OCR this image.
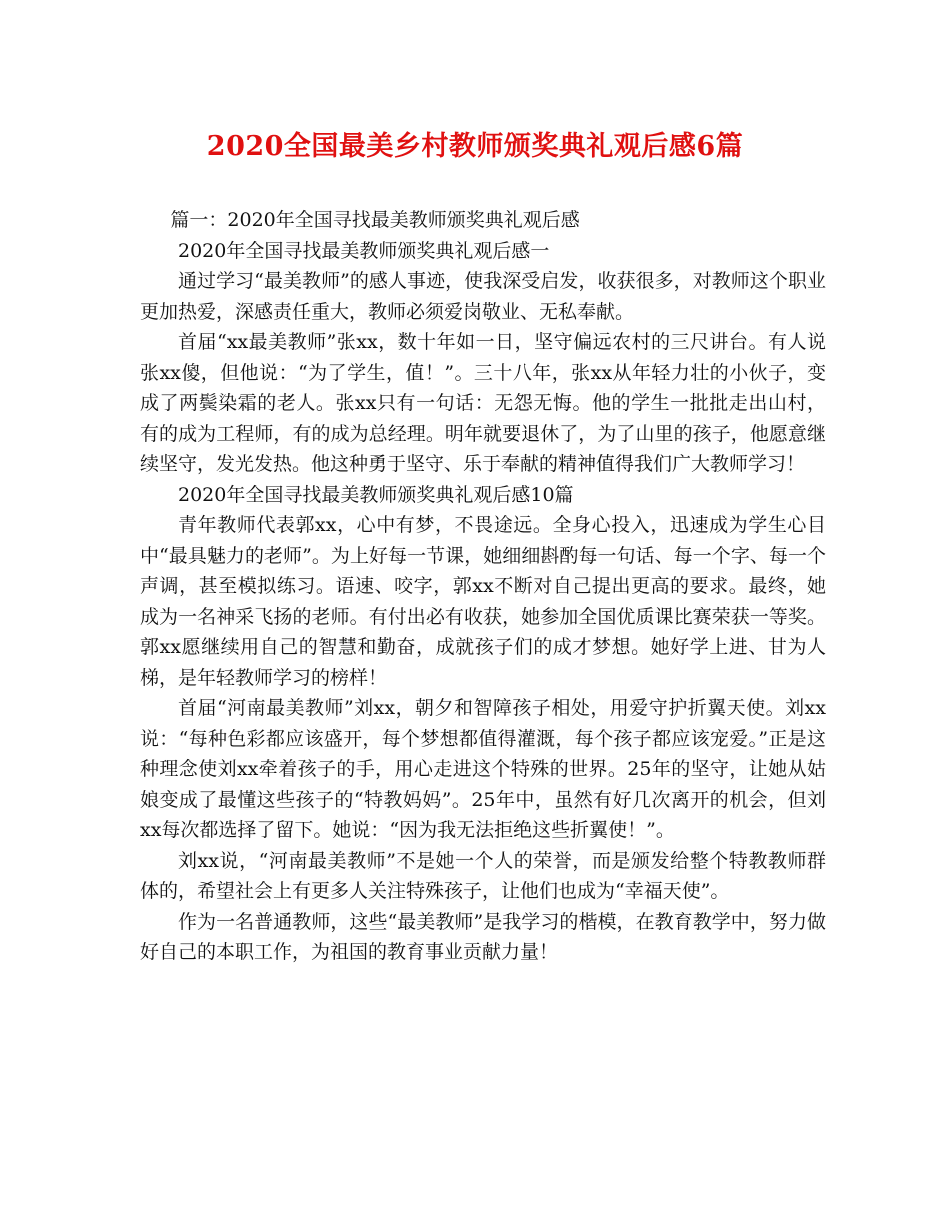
2020全国最美乡村教师颁奖典礼观后感6篇

篇一：2020年全国寻找最美教师颁奖典礼观后感

2020年全国寻找最美教师颁奖典礼观后感一

通过学习“最美教师”的感人事迹，使我深受启发，收获很多，对教师这个职业更加热爱，深感责任重大，教师必须爱岗敬业、无私奉献。

首届“xx最美教师”张xx，数十年如一日，坚守偏远农村的三尺讲台。有人说张xx傻，但他说：“为了学生，值！”。三十八年，张xx从年轻力壮的小伙子，变成了两鬓染霜的老人。张xx只有一句话：无怨无悔。他的学生一批批走出山村，有的成为工程师，有的成为总经理。明年就要退休了，为了山里的孩子，他愿意继续坚守，发光发热。他这种勇于坚守、乐于奉献的精神值得我们广大教师学习！

2020年全国寻找最美教师颁奖典礼观后感10篇

青年教师代表郭xx，心中有梦，不畏途远。全身心投入，迅速成为学生心目中“最具魅力的老师”。为上好每一节课，她细细斟酌每一句话、每一个字、每一个声调，甚至模拟练习。语速、咬字，郭xx不断对自己提出更高的要求。最终，她成为一名神采飞扬的老师。有付出必有收获，她参加全国优质课比赛荣获一等奖。郭xx愿继续用自己的智慧和勤奋，成就孩子们的成才梦想。她好学上进、甘为人梯，是年轻教师学习的榜样！

首届“河南最美教师”刘xx，朝夕和智障孩子相处，用爱守护折翼天使。刘xx说：“每种色彩都应该盛开，每个梦想都值得灌溉，每个孩子都应该宠爱。”正是这种理念使刘xx牵着孩子的手，用心走进这个特殊的世界。25年的坚守，让她从姑娘变成了最懂这些孩子的“特教妈妈”。25年中，虽然有好几次离开的机会，但刘xx每次都选择了留下。她说：“因为我无法拒绝这些折翼使！”。

刘xx说，“河南最美教师”不是她一个人的荣誉，而是颁发给整个特教教师群体的，希望社会上有更多人关注特殊孩子，让他们也成为“幸福天使”。

作为一名普通教师，这些“最美教师”是我学习的楷模，在教育教学中，努力做好自己的本职工作，为祖国的教育事业贡献力量！
